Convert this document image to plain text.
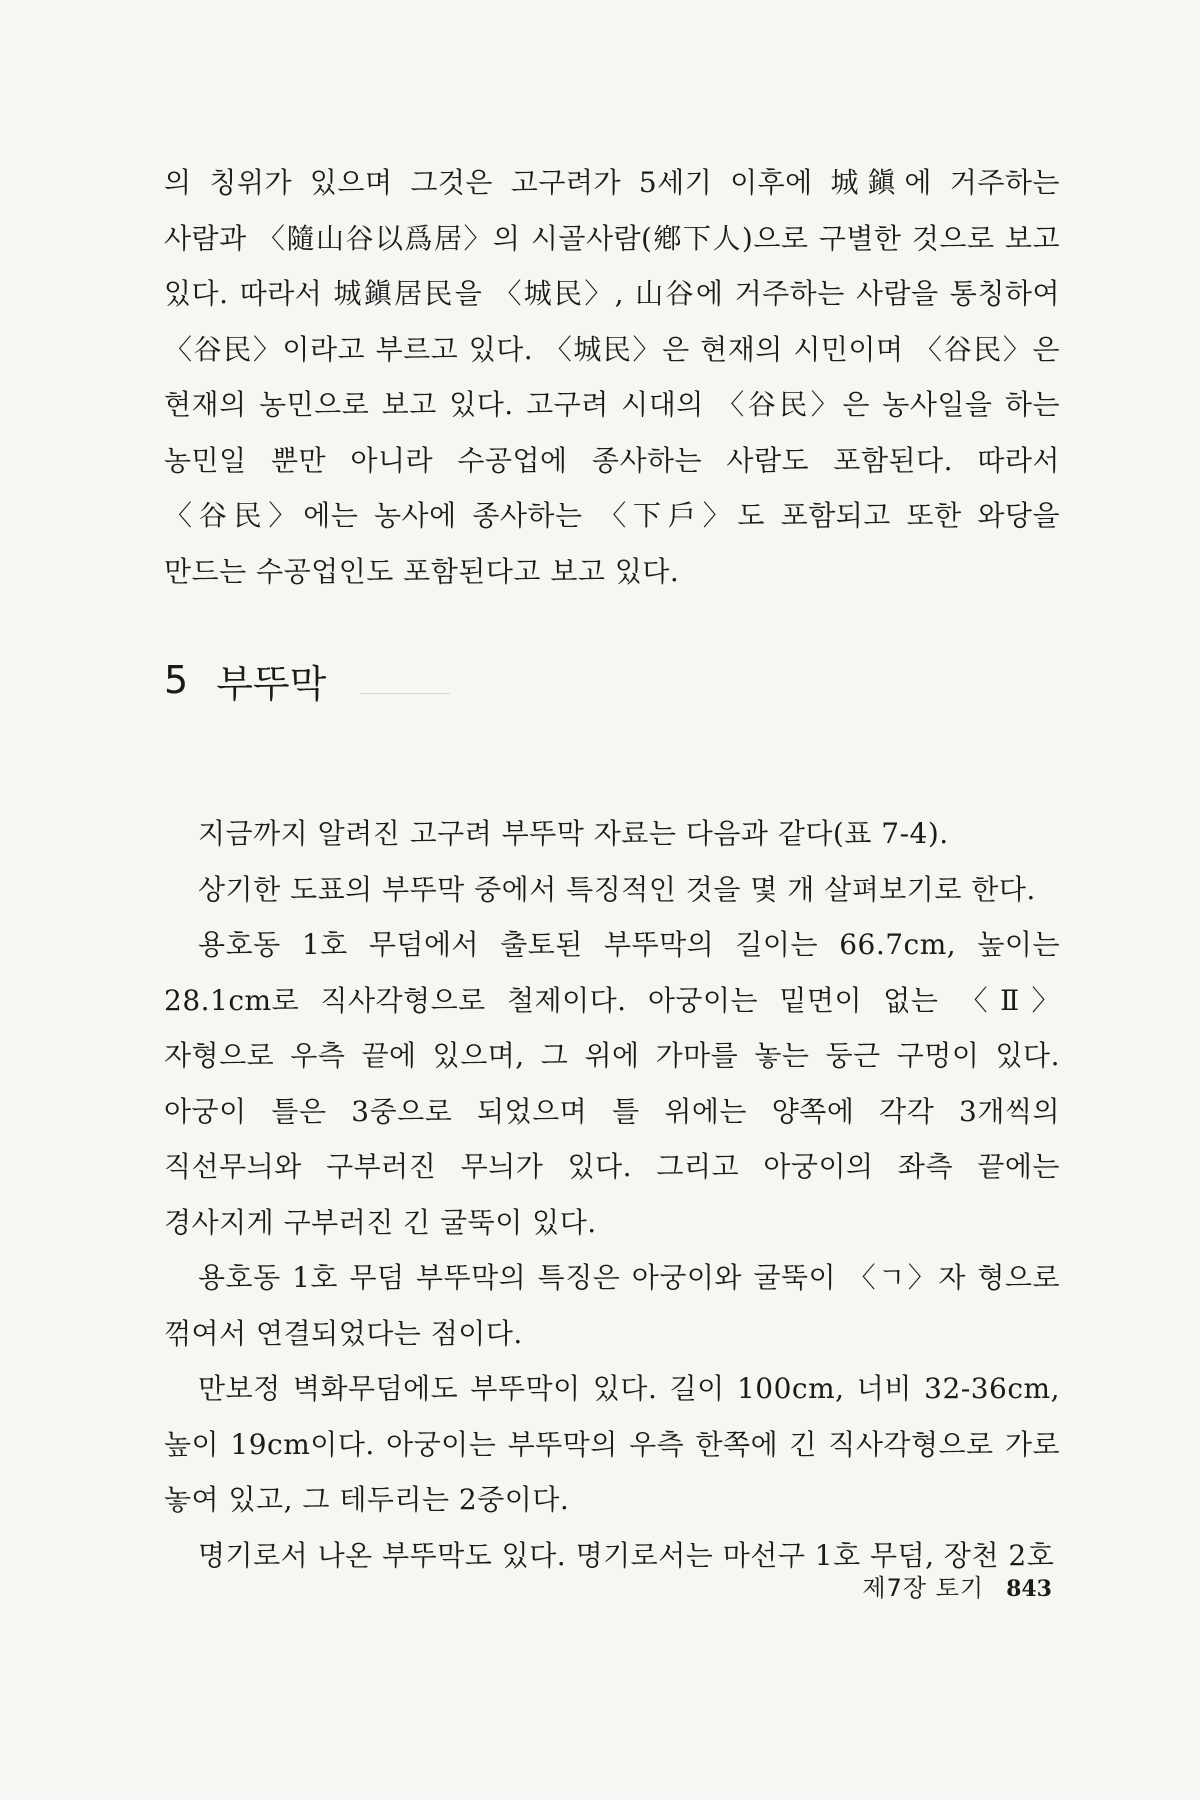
의 칭위가 있으며 그것은 고구려가 5세기 이후에 城鎭에 거주하는 사람과 〈隨山谷以爲居〉의 시골사람(鄕下人)으로 구별한 것으로 보고 있다. 따라서 城鎭居民을 〈城民〉, 山谷에 거주하는 사람을 통칭하여 〈谷民〉이라고 부르고 있다. 〈城民〉은 현재의 시민이며 〈谷民〉은 현재의 농민으로 보고 있다. 고구려 시대의 〈谷民〉은 농사일을 하는 농민일 뿐만 아니라 수공업에 종사하는 사람도 포함된다. 따라서 〈谷民〉에는 농사에 종사하는 〈下戶〉도 포함되고 또한 와당을 만드는 수공업인도 포함된다고 보고 있다.

5 부뚜막

지금까지 알려진 고구려 부뚜막 자료는 다음과 같다(표 7-4).

상기한 도표의 부뚜막 중에서 특징적인 것을 몇 개 살펴보기로 한다.

용호동 1호 무덤에서 출토된 부뚜막의 길이는 66.7cm, 높이는 28.1cm로 직사각형으로 철제이다. 아궁이는 밑면이 없는 〈Ⅱ〉자형으로 우측 끝에 있으며, 그 위에 가마를 놓는 둥근 구멍이 있다. 아궁이 틀은 3중으로 되었으며 틀 위에는 양쪽에 각각 3개씩의 직선무늬와 구부러진 무늬가 있다. 그리고 아궁이의 좌측 끝에는 경사지게 구부러진 긴 굴뚝이 있다.

용호동 1호 무덤 부뚜막의 특징은 아궁이와 굴뚝이 〈ㄱ〉자 형으로 꺾여서 연결되었다는 점이다.

만보정 벽화무덤에도 부뚜막이 있다. 길이 100cm, 너비 32-36cm, 높이 19cm이다. 아궁이는 부뚜막의 우측 한쪽에 긴 직사각형으로 가로 놓여 있고, 그 테두리는 2중이다.

명기로서 나온 부뚜막도 있다. 명기로서는 마선구 1호 무덤, 장천 2호

제7장 토기 843
